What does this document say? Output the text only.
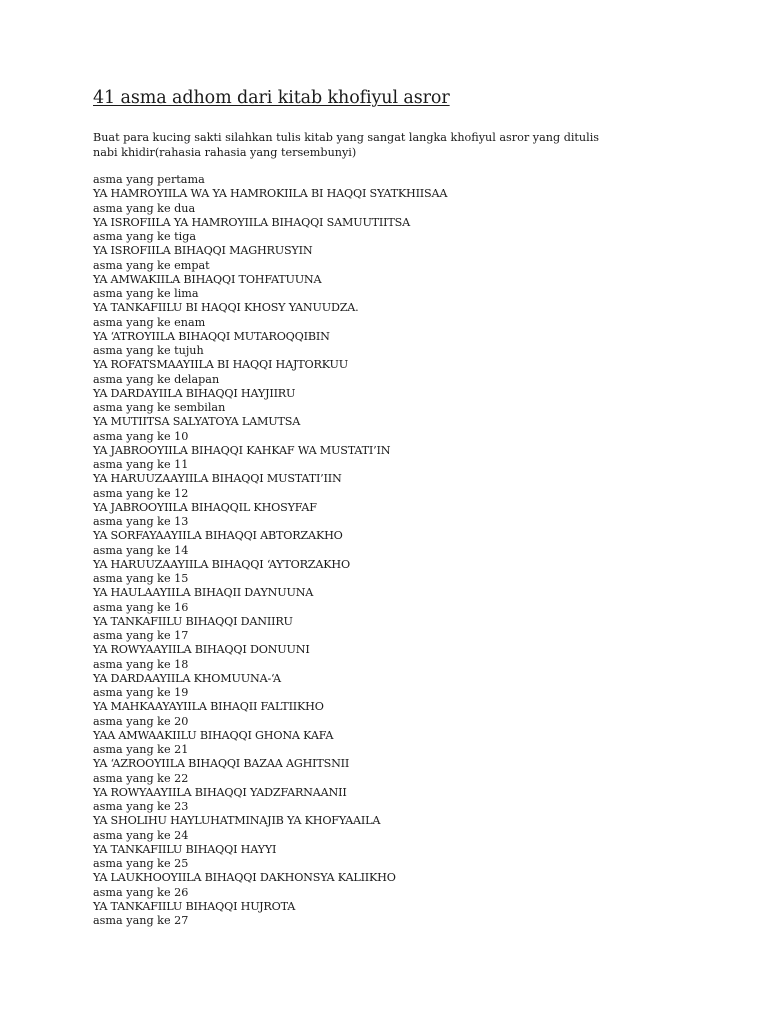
41 asma adhom dari kitab khofiyul asror

Buat para kucing sakti silahkan tulis kitab yang sangat langka khofiyul asror yang ditulis nabi khidir(rahasia rahasia yang tersembunyi)

asma yang pertama
YA HAMROYIILA WA YA HAMROKIILA BI HAQQI SYATKHIISAA
asma yang ke dua
YA ISROFIILA YA HAMROYIILA BIHAQQI SAMUUTIITSA
asma yang ke tiga
YA ISROFIILA BIHAQQI MAGHRUSYIN
asma yang ke empat
YA AMWAKIILA BIHAQQI TOHFATUUNA
asma yang ke lima
YA TANKAFIILU BI HAQQI KHOSY YANUUDZA.
asma yang ke enam
YA ‘ATROYIILA BIHAQQI MUTAROQQIBIN
asma yang ke tujuh
YA ROFATSMAAYIILA BI HAQQI HAJTORKUU
asma yang ke delapan
YA DARDAYIILA BIHAQQI HAYJIIRU
asma yang ke sembilan
YA MUTIITSA SALYATOYA LAMUTSA
asma yang ke 10
YA JABROOYIILA BIHAQQI KAHKAF WA MUSTATI’IN
asma yang ke 11
YA HARUUZAAYIILA BIHAQQI MUSTATI’IIN
asma yang ke 12
YA JABROOYIILA BIHAQQIL KHOSYFAF
asma yang ke 13
YA SORFAYAAYIILA BIHAQQI ABTORZAKHO
asma yang ke 14
YA HARUUZAAYIILA BIHAQQI ‘AYTORZAKHO
asma yang ke 15
YA HAULAAYIILA BIHAQII DAYNUUNA
asma yang ke 16
YA TANKAFIILU BIHAQQI DANIIRU
asma yang ke 17
YA ROWYAAYIILA BIHAQQI DONUUNI
asma yang ke 18
YA DARDAAYIILA KHOMUUNA-‘A
asma yang ke 19
YA MAHKAAYAYIILA BIHAQII FALTIIKHO
asma yang ke 20
YAA AMWAAKIILU BIHAQQI GHONA KAFA
asma yang ke 21
YA ‘AZROOYIILA BIHAQQI BAZAA AGHITSNII
asma yang ke 22
YA ROWYAAYIILA BIHAQQI YADZFARNAANII
asma yang ke 23
YA SHOLIHU HAYLUHATMINAJIB YA KHOFYAAILA
asma yang ke 24
YA TANKAFIILU BIHAQQI HAYYI
asma yang ke 25
YA LAUKHOOYIILA BIHAQQI DAKHONSYA KALIIKHO
asma yang ke 26
YA TANKAFIILU BIHAQQI HUJROTA
asma yang ke 27
